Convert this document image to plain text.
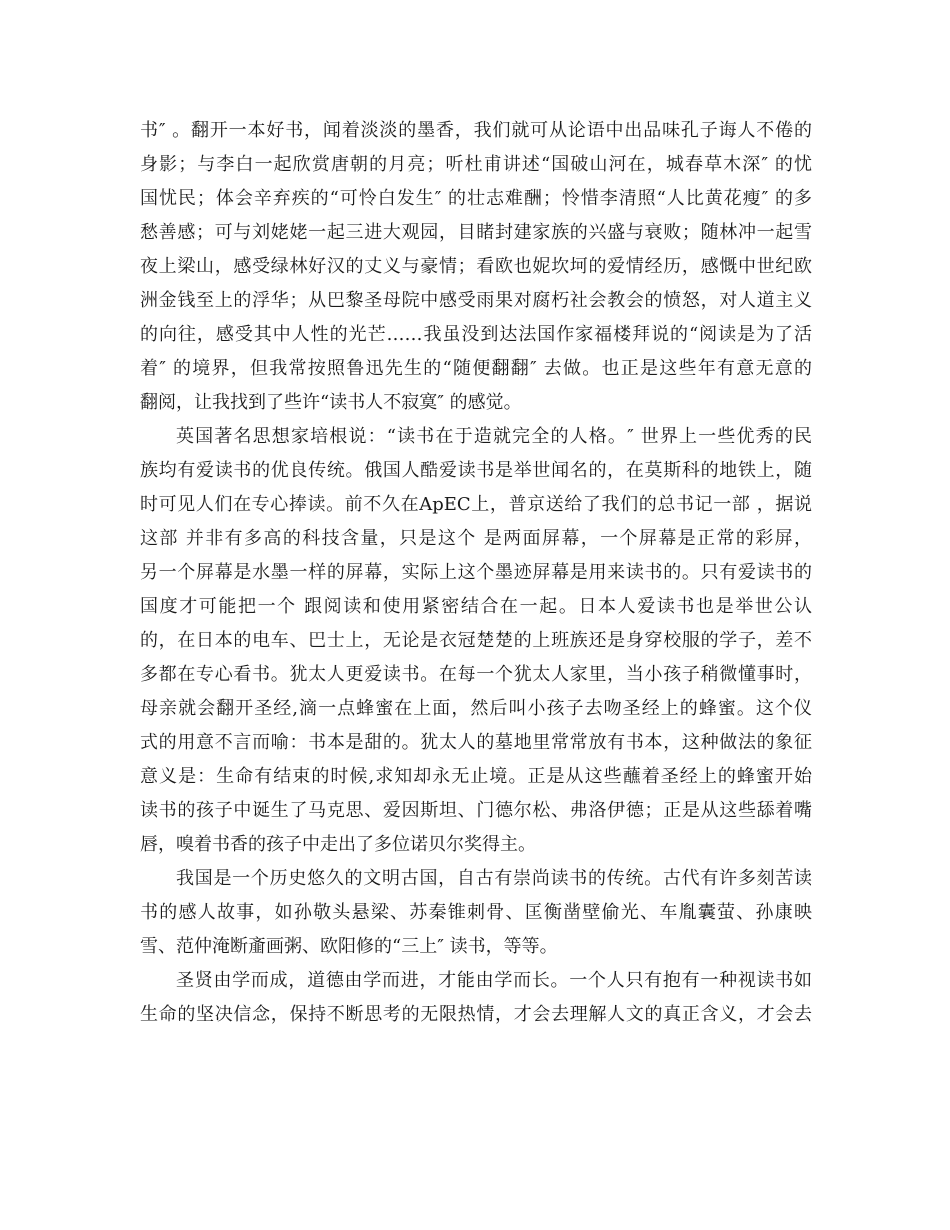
书″ 。翻开一本好书，闻着淡淡的墨香，我们就可从论语中出品味孔子诲人不倦的
身影；与李白一起欣赏唐朝的月亮；听杜甫讲述“国破山河在，城春草木深″ 的忧
国忧民；体会辛弃疾的“可怜白发生″ 的壮志难酬；怜惜李清照“人比黄花瘦″ 的多
愁善感；可与刘姥姥一起三进大观园，目睹封建家族的兴盛与衰败；随林冲一起雪
夜上梁山，感受绿林好汉的丈义与豪情；看欧也妮坎坷的爱情经历，感慨中世纪欧
洲金钱至上的浮华；从巴黎圣母院中感受雨果对腐朽社会教会的愤怒，对人道主义
的向往，感受其中人性的光芒……我虽没到达法国作家福楼拜说的“阅读是为了活
着″ 的境界，但我常按照鲁迅先生的“随便翻翻″ 去做。也正是这些年有意无意的
翻阅，让我找到了些许“读书人不寂寞″ 的感觉。
英国著名思想家培根说：“读书在于造就完全的人格。″ 世界上一些优秀的民
族均有爱读书的优良传统。俄国人酷爱读书是举世闻名的，在莫斯科的地铁上，随
时可见人们在专心捧读。前不久在ApEC上，普京送给了我们的总书记一部 ，据说
这部 并非有多高的科技含量，只是这个 是两面屏幕，一个屏幕是正常的彩屏，
另一个屏幕是水墨一样的屏幕，实际上这个墨迹屏幕是用来读书的。只有爱读书的
国度才可能把一个 跟阅读和使用紧密结合在一起。日本人爱读书也是举世公认
的，在日本的电车、巴士上，无论是衣冠楚楚的上班族还是身穿校服的学子，差不
多都在专心看书。犹太人更爱读书。在每一个犹太人家里，当小孩子稍微懂事时，
母亲就会翻开圣经,滴一点蜂蜜在上面，然后叫小孩子去吻圣经上的蜂蜜。这个仪
式的用意不言而喻：书本是甜的。犹太人的墓地里常常放有书本，这种做法的象征
意义是：生命有结束的时候,求知却永无止境。正是从这些蘸着圣经上的蜂蜜开始
读书的孩子中诞生了马克思、爱因斯坦、门德尔松、弗洛伊德；正是从这些舔着嘴
唇，嗅着书香的孩子中走出了多位诺贝尔奖得主。
我国是一个历史悠久的文明古国，自古有崇尚读书的传统。古代有许多刻苦读
书的感人故事，如孙敬头悬梁、苏秦锥刺骨、匡衡凿壁偷光、车胤囊萤、孙康映
雪、范仲淹断齑画粥、欧阳修的“三上″ 读书，等等。
圣贤由学而成，道德由学而进，才能由学而长。一个人只有抱有一种视读书如
生命的坚决信念，保持不断思考的无限热情，才会去理解人文的真正含义，才会去
